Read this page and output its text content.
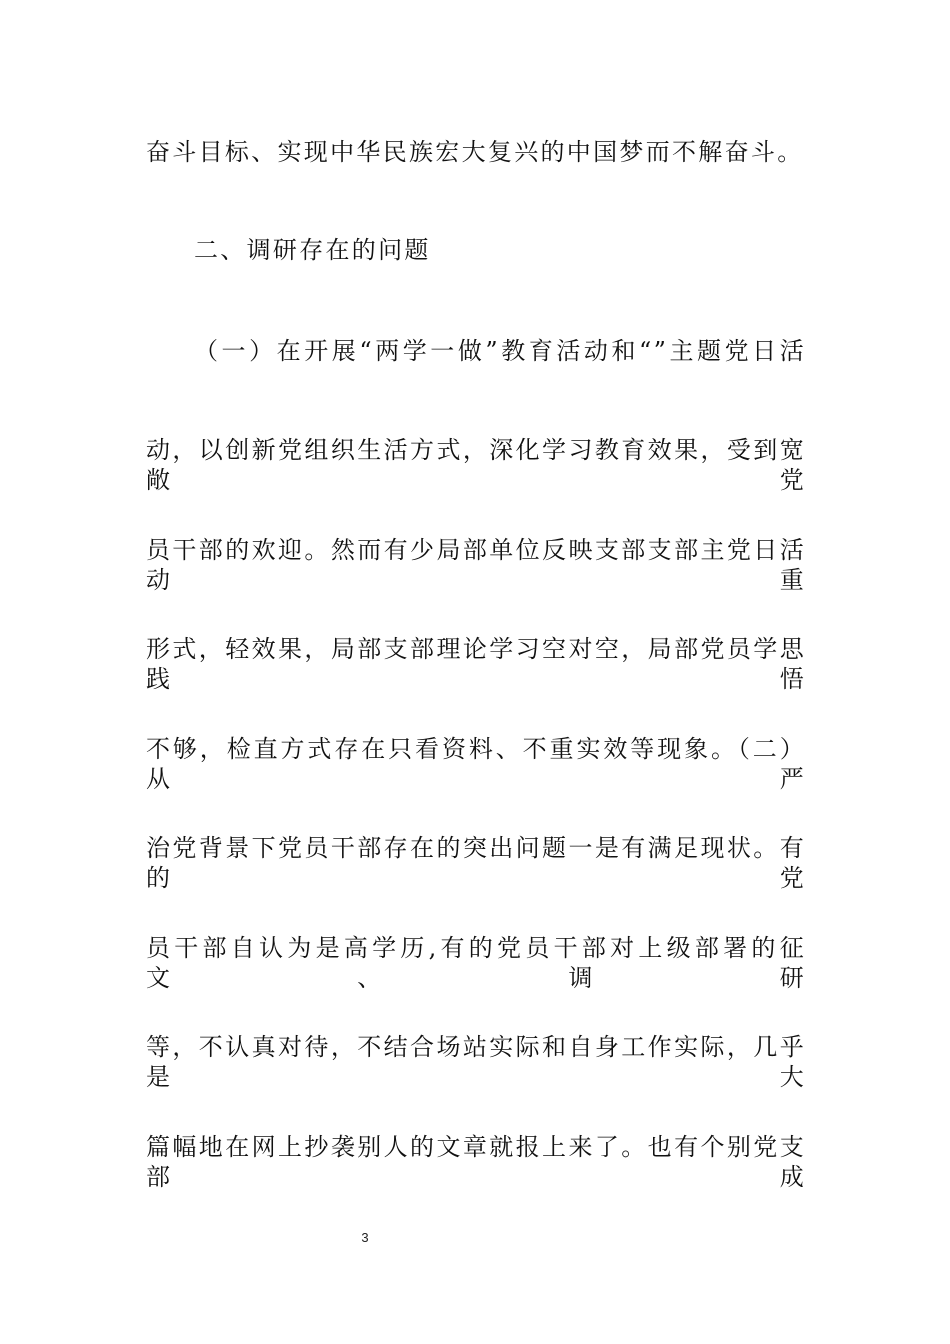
奋斗目标、实现中华民族宏大复兴的中国梦而不解奋斗。
二、调研存在的问题
（一）在开展“两学一做”教育活动和“”主题党日活
动，以创新党组织生活方式，深化学习教育效果，受到宽敞党
员干部的欢迎。然而有少局部单位反映支部支部主党日活动重
形式，轻效果，局部支部理论学习空对空，局部党员学思践悟
不够，检直方式存在只看资料、不重实效等现象。（二）从严
治党背景下党员干部存在的突出问题一是有满足现状。有的党
员干部自认为是高学历,有的党员干部对上级部署的征文、调研
等，不认真对待，不结合场站实际和自身工作实际，几乎是大
篇幅地在网上抄袭别人的文章就报上来了。也有个别党支部成
3
